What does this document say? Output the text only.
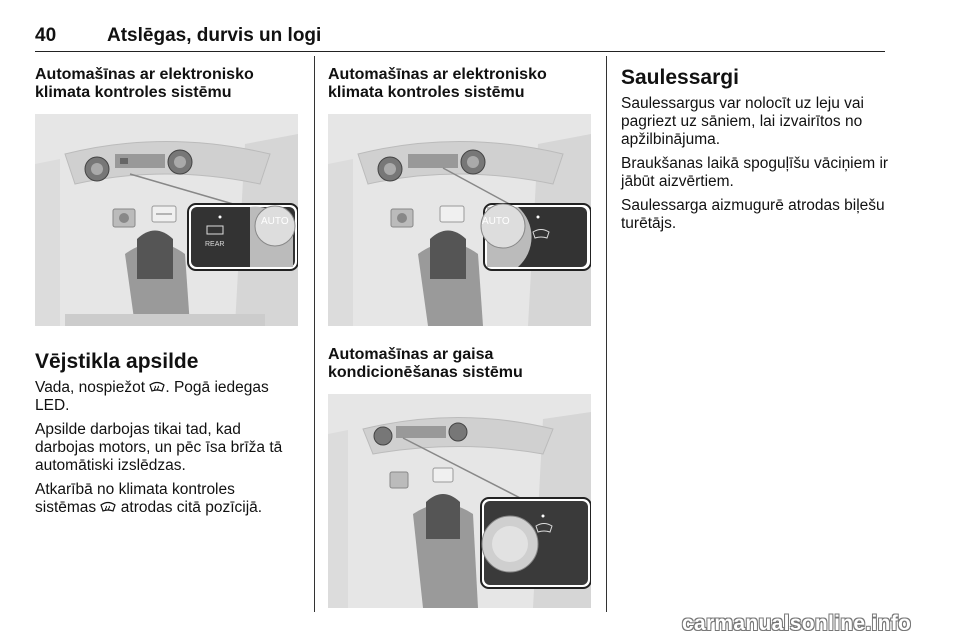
40	Atslēgas, durvis un logi

Automašīnas ar elektronisko klimata kontroles sistēmu

AUTO
REAR

Vējstikla apsilde

Vada, nospiežot . Pogā iedegas LED.

Apsilde darbojas tikai tad, kad darbojas motors, un pēc īsa brīža tā automātiski izslēdzas.

Atkarībā no klimata kontroles sistēmas  atrodas citā pozīcijā.

Automašīnas ar elektronisko klimata kontroles sistēmu

AUTO

Automašīnas ar gaisa kondicionēšanas sistēmu

Saulessargi

Saulessargus var nolocīt uz leju vai pagriezt uz sāniem, lai izvairītos no apžilbinājuma.

Braukšanas laikā spoguļīšu vāciņiem ir jābūt aizvērtiem.

Saulessarga aizmugurē atrodas biļešu turētājs.

carmanualsonline.info
